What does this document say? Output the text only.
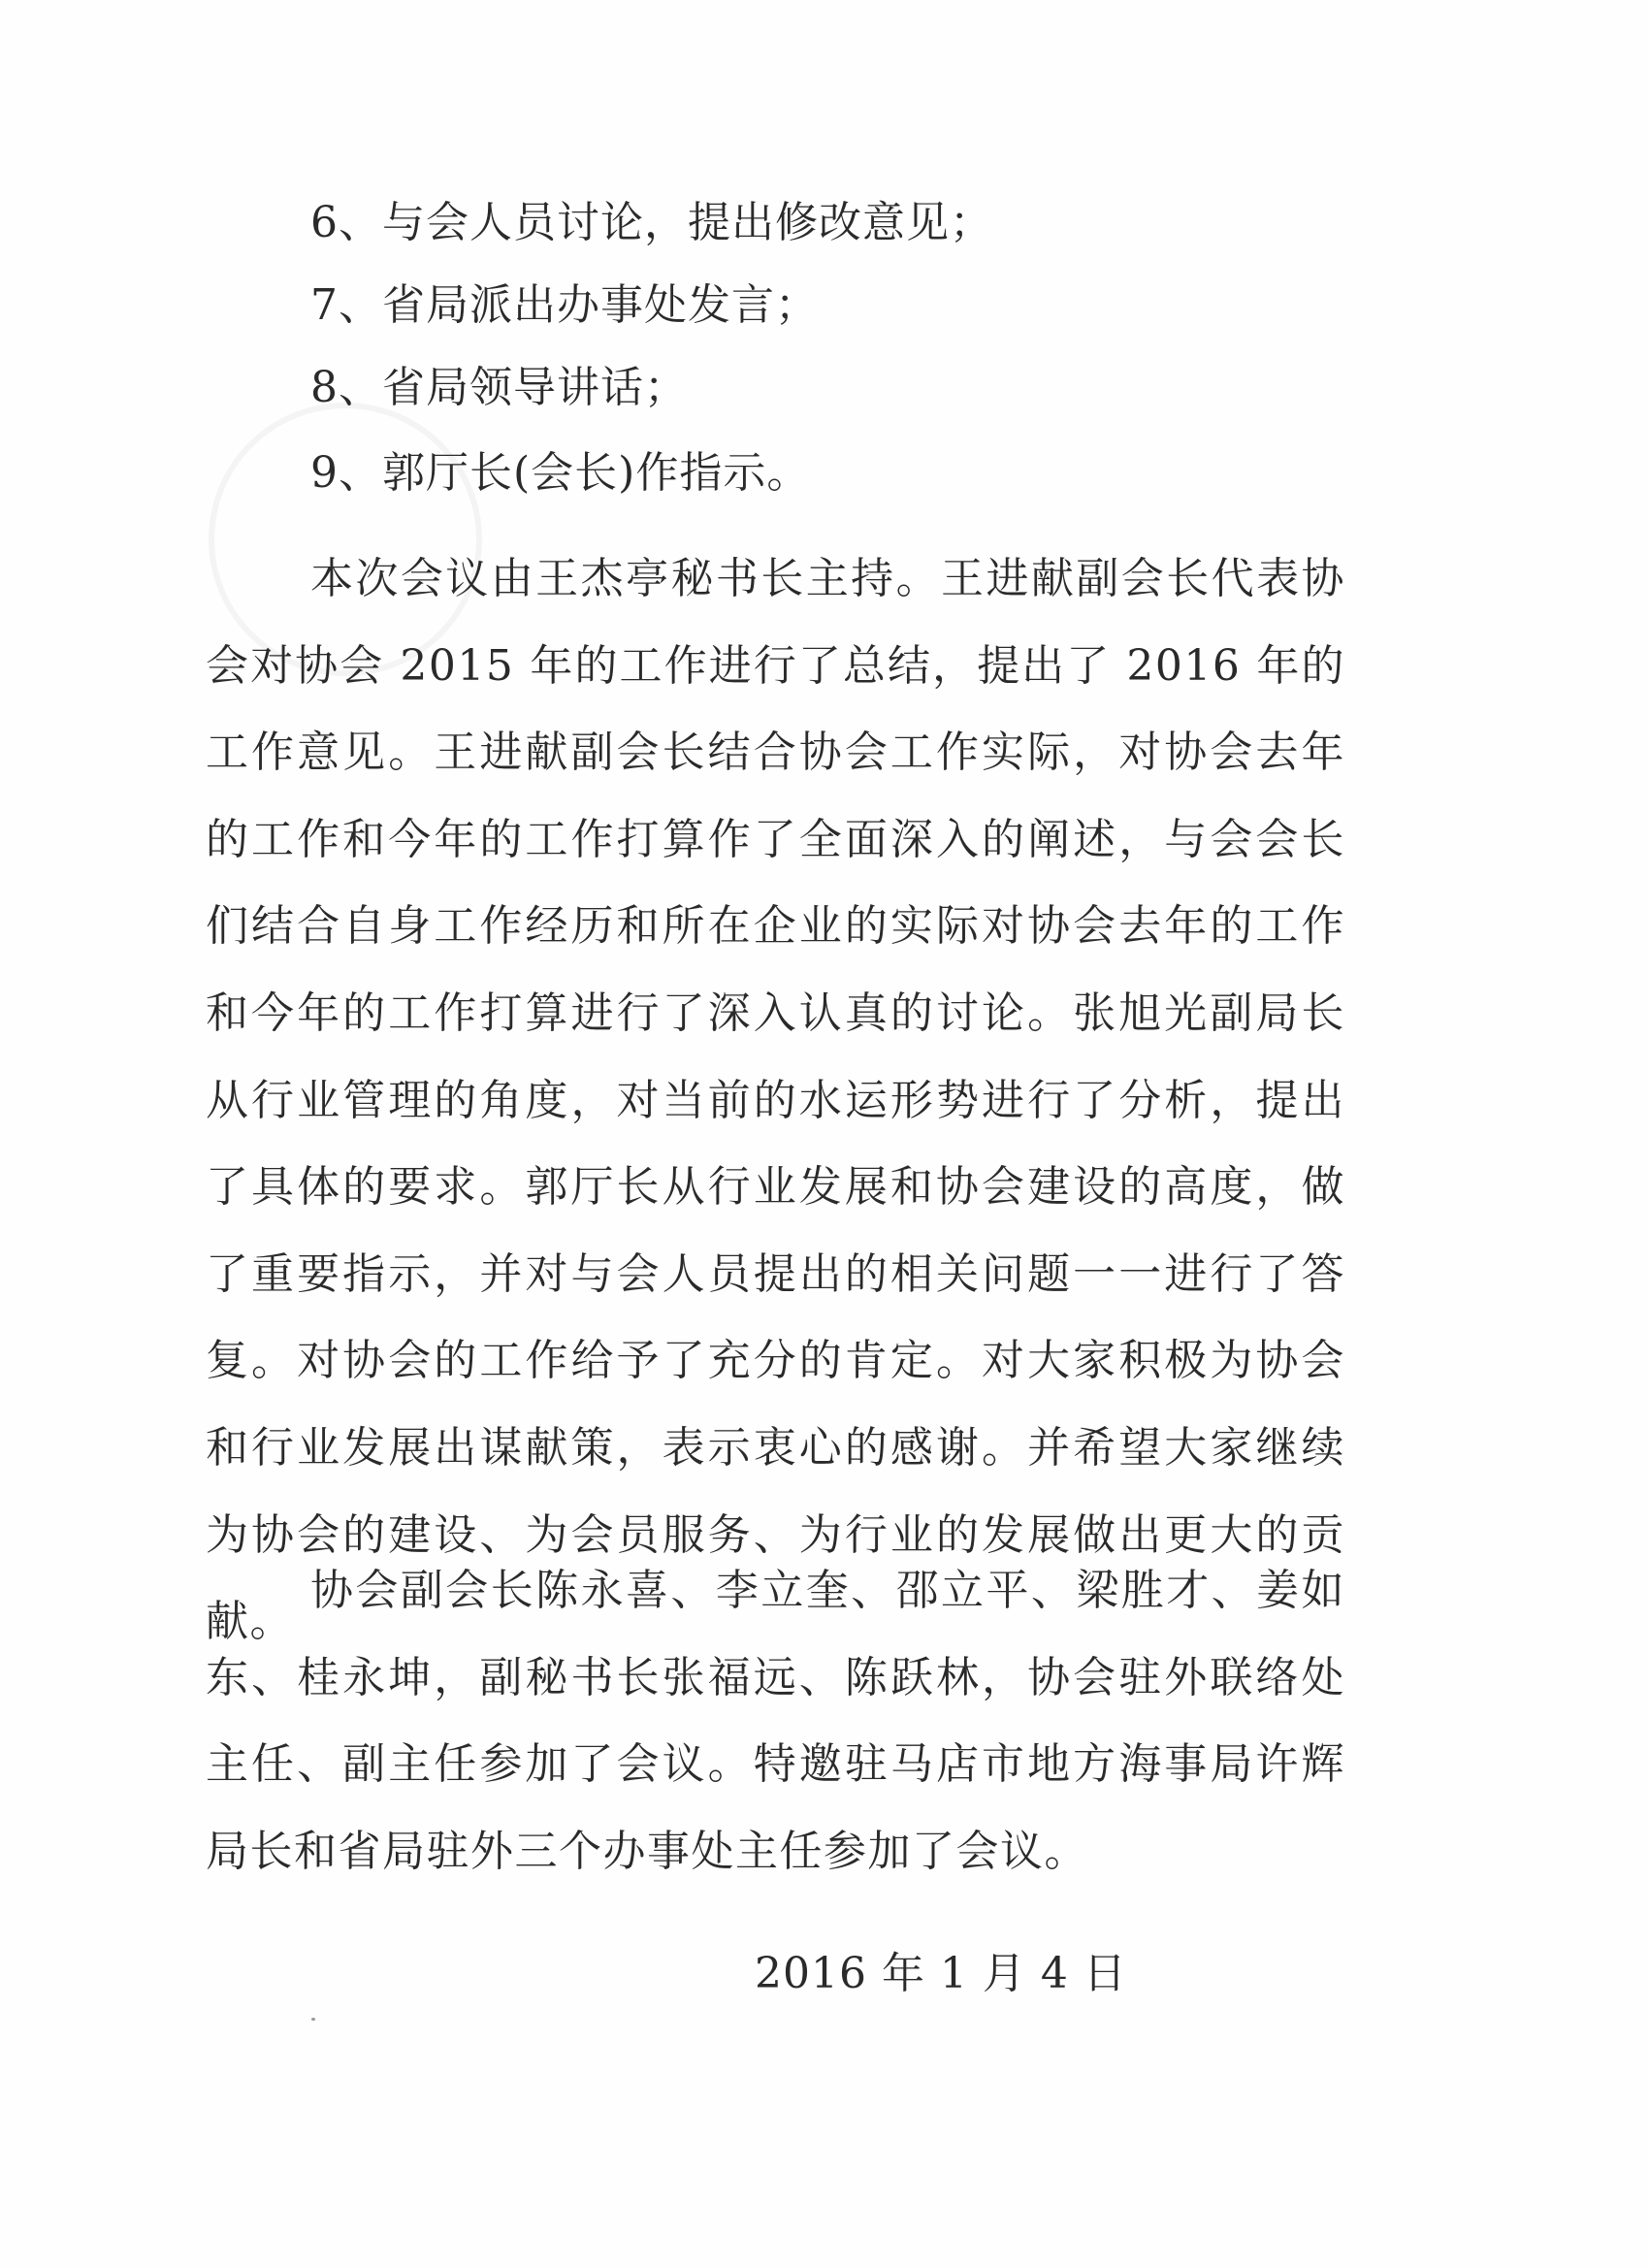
6、与会人员讨论，提出修改意见；
7、省局派出办事处发言；
8、省局领导讲话；
9、郭厅长(会长)作指示。

本次会议由王杰亭秘书长主持。王进献副会长代表协会对协会 2015 年的工作进行了总结，提出了 2016 年的工作意见。王进献副会长结合协会工作实际，对协会去年的工作和今年的工作打算作了全面深入的阐述，与会会长们结合自身工作经历和所在企业的实际对协会去年的工作和今年的工作打算进行了深入认真的讨论。张旭光副局长从行业管理的角度，对当前的水运形势进行了分析，提出了具体的要求。郭厅长从行业发展和协会建设的高度，做了重要指示，并对与会人员提出的相关问题一一进行了答复。对协会的工作给予了充分的肯定。对大家积极为协会和行业发展出谋献策，表示衷心的感谢。并希望大家继续为协会的建设、为会员服务、为行业的发展做出更大的贡献。

协会副会长陈永喜、李立奎、邵立平、梁胜才、姜如东、桂永坤，副秘书长张福远、陈跃林，协会驻外联络处主任、副主任参加了会议。特邀驻马店市地方海事局许辉局长和省局驻外三个办事处主任参加了会议。

2016 年 1 月 4 日
